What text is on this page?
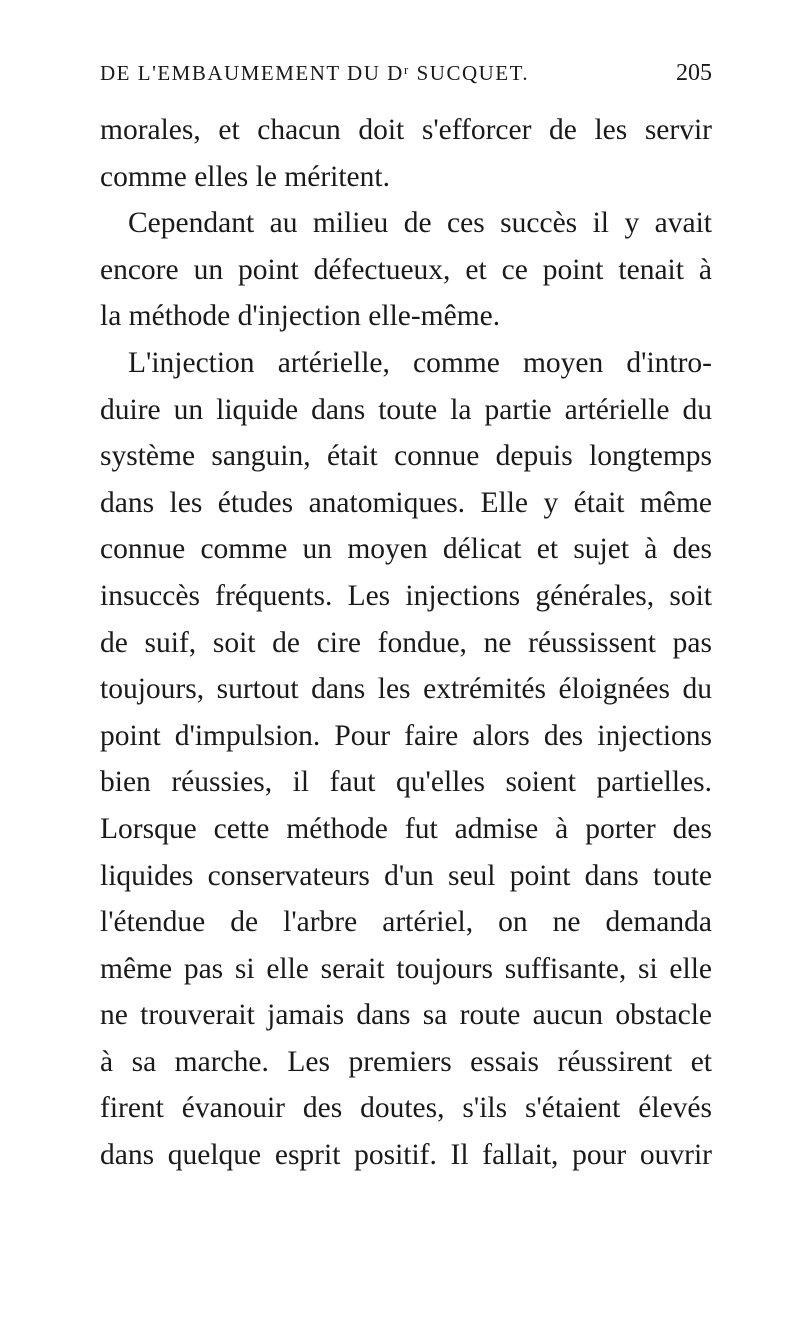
DE L'EMBAUMEMENT DU Dʳ SUCQUET.	205
morales, et chacun doit s'efforcer de les servir
comme elles le méritent.
Cependant au milieu de ces succès il y avait
encore un point défectueux, et ce point tenait à
la méthode d'injection elle-même.
L'injection artérielle, comme moyen d'intro-
duire un liquide dans toute la partie artérielle du
système sanguin, était connue depuis longtemps
dans les études anatomiques. Elle y était même
connue comme un moyen délicat et sujet à des
insuccès fréquents. Les injections générales, soit
de suif, soit de cire fondue, ne réussissent pas
toujours, surtout dans les extrémités éloignées du
point d'impulsion. Pour faire alors des injections
bien réussies, il faut qu'elles soient partielles.
Lorsque cette méthode fut admise à porter des
liquides conservateurs d'un seul point dans toute
l'étendue de l'arbre artériel, on ne demanda
même pas si elle serait toujours suffisante, si elle
ne trouverait jamais dans sa route aucun obstacle
à sa marche. Les premiers essais réussirent et
firent évanouir des doutes, s'ils s'étaient élevés
dans quelque esprit positif. Il fallait, pour ouvrir
